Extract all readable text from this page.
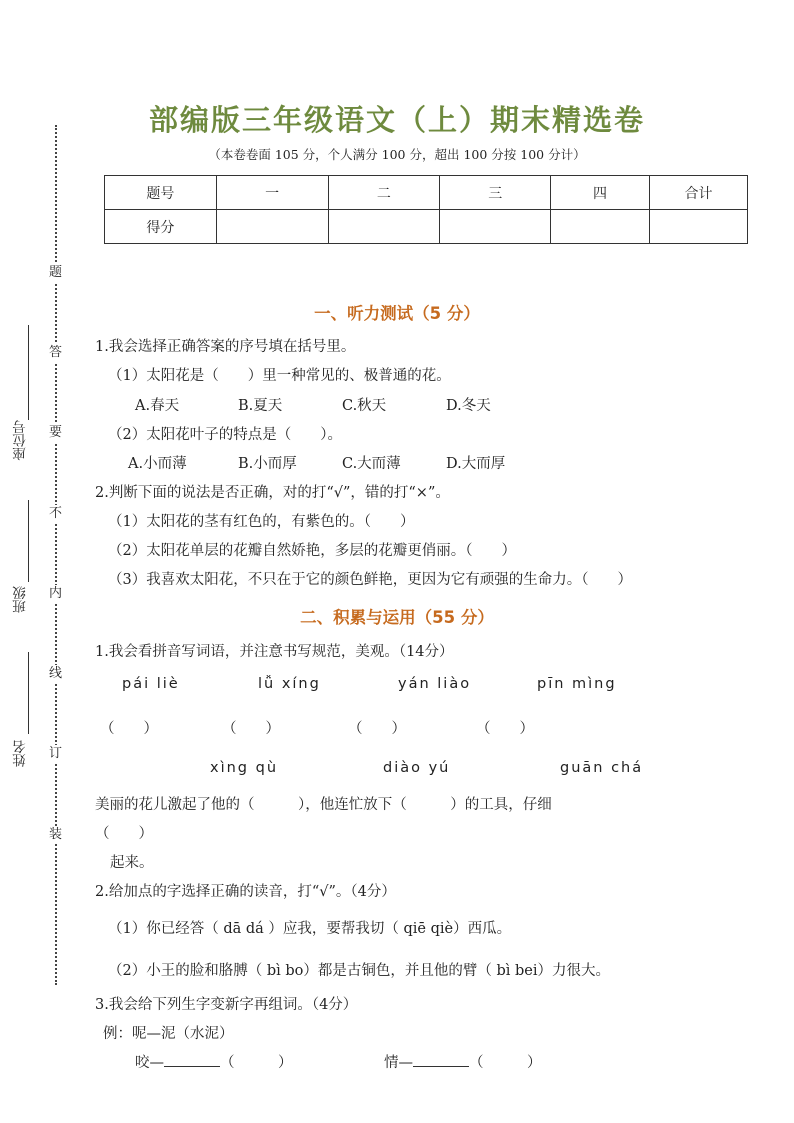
题
答
要
不
内
线
订
装
座位号
班级
姓名
部编版三年级语文（上）期末精选卷
（本卷卷面 105 分，个人满分 100 分，超出 100 分按 100 分计）
题号	一	二	三	四	合计
得分					
一、听力测试（5 分）
1.我会选择正确答案的序号填在括号里。
（1）太阳花是（　　）里一种常见的、极普通的花。
A.春天	B.夏天	C.秋天	D.冬天
（2）太阳花叶子的特点是（　　）。
A.小而薄	B.小而厚	C.大而薄	D.大而厚
2.判断下面的说法是否正确，对的打“√”，错的打“×”。
（1）太阳花的茎有红色的，有紫色的。（　　）
（2）太阳花单层的花瓣自然娇艳，多层的花瓣更俏丽。（　　）
（3）我喜欢太阳花，不只在于它的颜色鲜艳，更因为它有顽强的生命力。（　　）
二、积累与运用（55 分）
1.我会看拼音写词语，并注意书写规范，美观。（14分）
pái liè	lǚ xíng	yán liào	pīn mìng
（　　）	（　　）	（　　）	（　　）
xìng qù	diào yú	guān chá
美丽的花儿激起了他的（　　　），他连忙放下（　　　）的工具，仔细
（　　）
起来。
2.给加点的字选择正确的读音，打“√”。（4分）
（1）你已经答（ dā dá ）应我，要帮我切（ qiē qiè）西瓜。
（2）小王的脸和胳膊（ bì bo）都是古铜色，并且他的臂（ bì bei）力很大。
3.我会给下列生字变新字再组词。（4分）
例：呢—泥（水泥）
咬—	（　　　）	情—	（　　　）
